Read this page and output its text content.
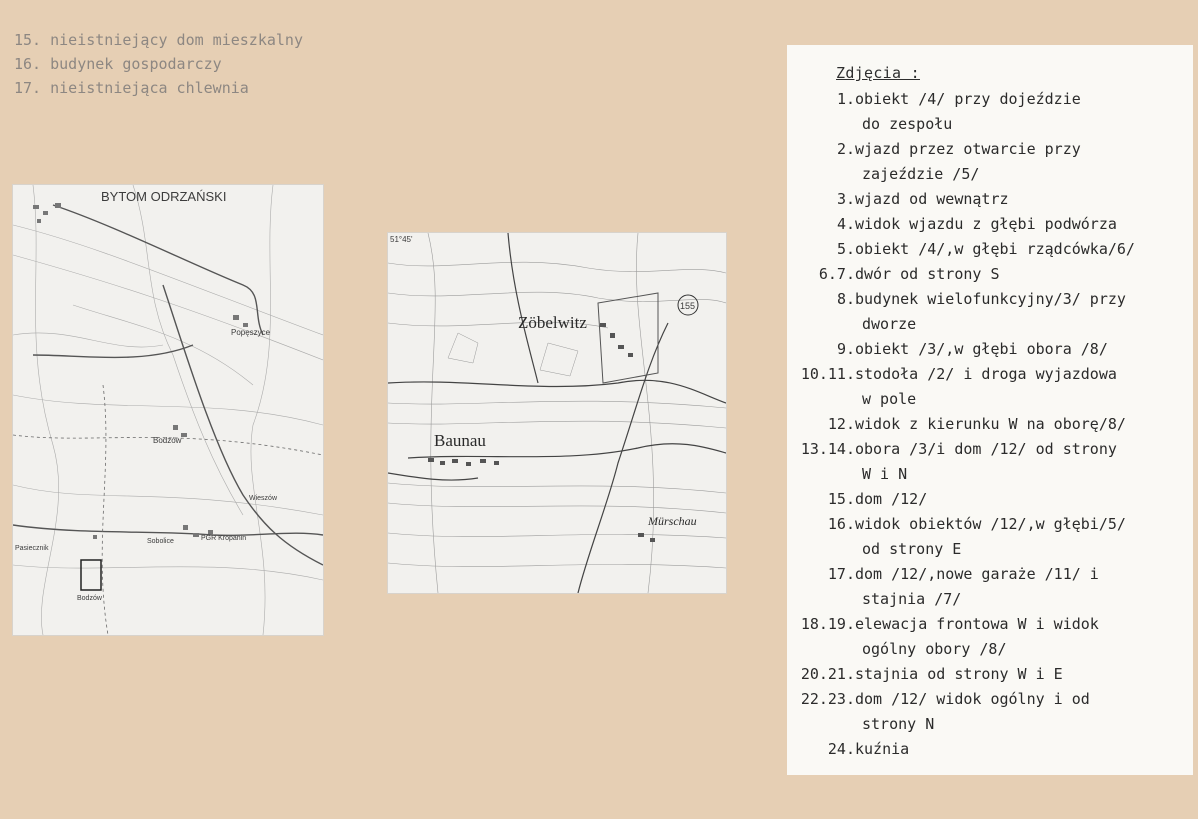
15. nieistniejący dom mieszkalny
16. budynek gospodarczy
17. nieistniejąca chlewnia
BYTOM ODRZAŃSKI
Bodzów
Popęszyce
Sobolice	PGR Kropanin
Bodzów
Wieszów
Pasiecznik
155
51°45'
Zöbelwitz
Baunau
Mürschau
Zdjęcia :
1. obiekt /4/ przy dojeździe
do zespołu
2. wjazd przez otwarcie przy
zajeździe /5/
3. wjazd od wewnątrz
4. widok wjazdu z głębi podwórza
5. obiekt /4/,w głębi rządcówka/6/
6.7. dwór od strony S
8. budynek wielofunkcyjny/3/ przy
dworze
9. obiekt /3/,w głębi obora /8/
10.11. stodoła /2/ i droga wyjazdowa
w pole
12. widok z kierunku W na oborę/8/
13.14. obora /3/i dom /12/ od strony
W i N
15. dom /12/
16. widok obiektów /12/,w głębi/5/
od strony E
17. dom /12/,nowe garaże /11/ i
stajnia /7/
18.19. elewacja frontowa W i widok
ogólny obory /8/
20.21. stajnia od strony W i E
22.23. dom /12/ widok ogólny i od
strony N
24. kuźnia
